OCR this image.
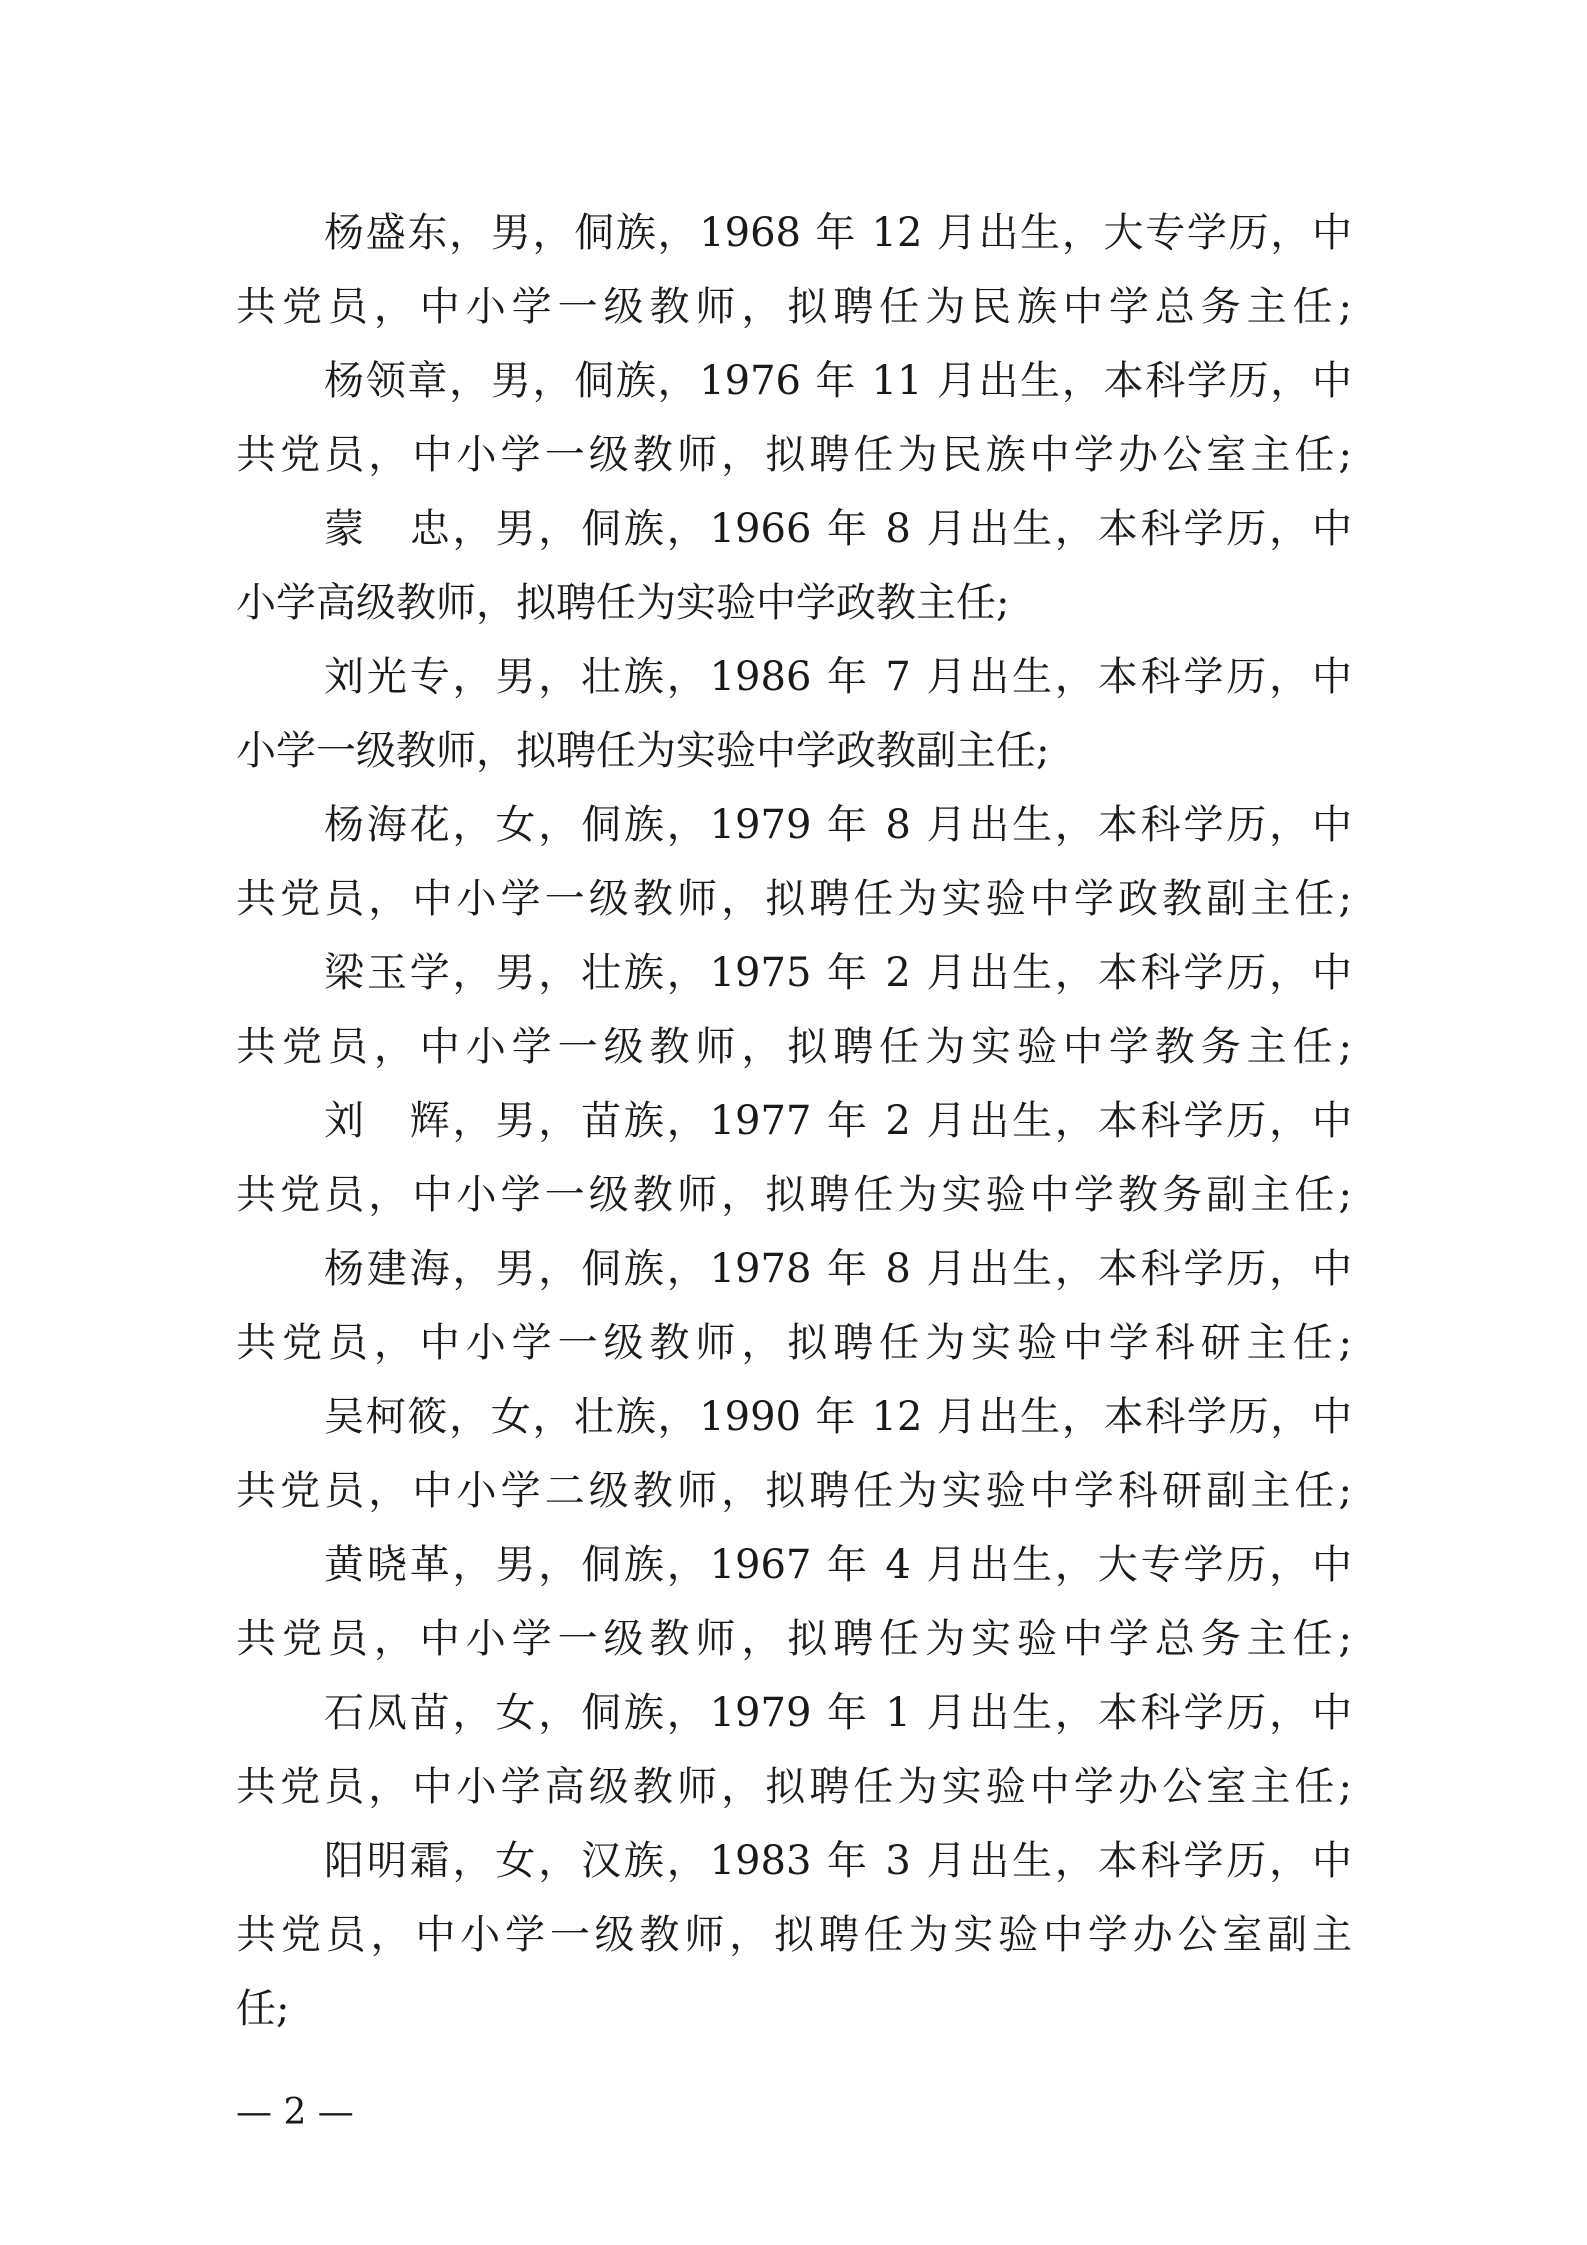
杨盛东，男，侗族，1968 年 12 月出生，大专学历，中
共党员，中小学一级教师，拟聘任为民族中学总务主任;

杨领章，男，侗族，1976 年 11 月出生，本科学历，中
共党员，中小学一级教师，拟聘任为民族中学办公室主任;

蒙　忠，男，侗族，1966 年 8 月出生，本科学历，中
小学高级教师，拟聘任为实验中学政教主任;

刘光专，男，壮族，1986 年 7 月出生，本科学历，中
小学一级教师，拟聘任为实验中学政教副主任;

杨海花，女，侗族，1979 年 8 月出生，本科学历，中
共党员，中小学一级教师，拟聘任为实验中学政教副主任;

梁玉学，男，壮族，1975 年 2 月出生，本科学历，中
共党员，中小学一级教师，拟聘任为实验中学教务主任;

刘　辉，男，苗族，1977 年 2 月出生，本科学历，中
共党员，中小学一级教师，拟聘任为实验中学教务副主任;

杨建海，男，侗族，1978 年 8 月出生，本科学历，中
共党员，中小学一级教师，拟聘任为实验中学科研主任;

吴柯筱，女，壮族，1990 年 12 月出生，本科学历，中
共党员，中小学二级教师，拟聘任为实验中学科研副主任;

黄晓革，男，侗族，1967 年 4 月出生，大专学历，中
共党员，中小学一级教师，拟聘任为实验中学总务主任;

石凤苗，女，侗族，1979 年 1 月出生，本科学历，中
共党员，中小学高级教师，拟聘任为实验中学办公室主任;

阳明霜，女，汉族，1983 年 3 月出生，本科学历，中
共党员，中小学一级教师，拟聘任为实验中学办公室副主
任;

— 2 —
